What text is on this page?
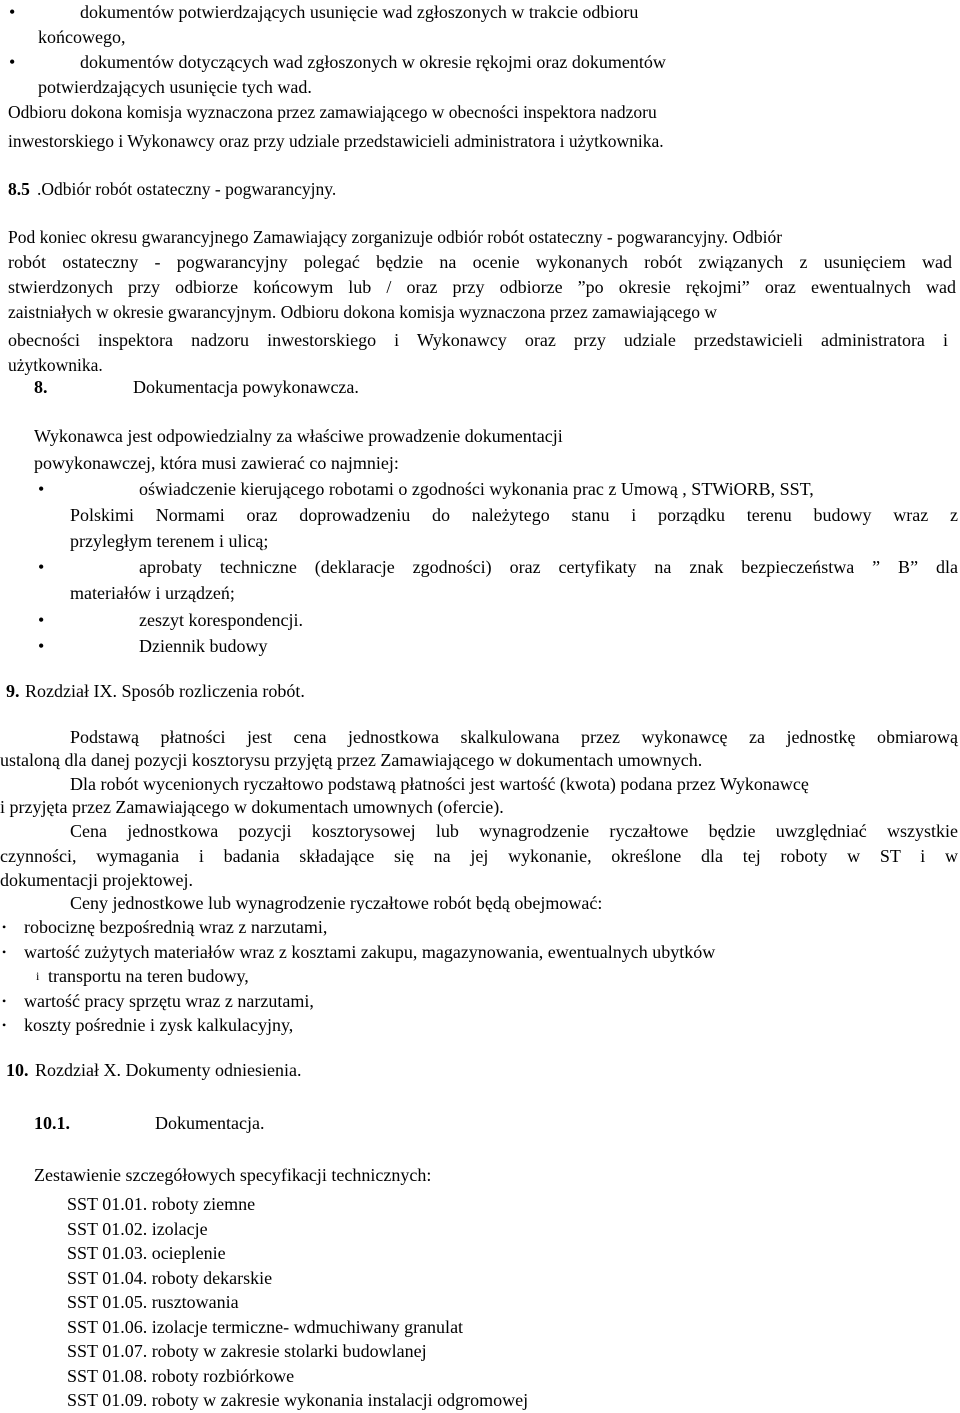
•	dokumentów potwierdzających usunięcie wad zgłoszonych w trakcie odbioru
końcowego,
•	dokumentów dotyczących wad zgłoszonych w okresie rękojmi oraz dokumentów
potwierdzających usunięcie tych wad.
Odbioru dokona komisja wyznaczona przez zamawiającego w obecności inspektora nadzoru
inwestorskiego i Wykonawcy oraz przy udziale przedstawicieli administratora i użytkownika.
8.5 .Odbiór robót ostateczny - pogwarancyjny.
Pod koniec okresu gwarancyjnego Zamawiający zorganizuje odbiór robót ostateczny - pogwarancyjny. Odbiór
robót ostateczny - pogwarancyjny polegać będzie na ocenie wykonanych robót związanych z usunięciem wad
stwierdzonych przy odbiorze końcowym lub / oraz przy odbiorze ”po okresie rękojmi” oraz ewentualnych wad
zaistniałych w okresie gwarancyjnym. Odbioru dokona komisja wyznaczona przez zamawiającego w
obecności inspektora nadzoru inwestorskiego i Wykonawcy oraz przy udziale przedstawicieli administratora i
użytkownika.
8.	Dokumentacja powykonawcza.
Wykonawca jest odpowiedzialny za właściwe prowadzenie dokumentacji
powykonawczej, która musi zawierać co najmniej:
•	oświadczenie kierującego robotami o zgodności wykonania prac z Umową , STWiORB, SST,
Polskimi Normami oraz doprowadzeniu do należytego stanu i porządku terenu budowy wraz z
przyległym terenem i ulicą;
•	aprobaty techniczne (deklaracje zgodności) oraz certyfikaty na znak bezpieczeństwa ” B” dla
materiałów i urządzeń;
•	zeszyt korespondencji.
•	Dziennik budowy
9. Rozdział IX. Sposób rozliczenia robót.
Podstawą płatności jest cena jednostkowa skalkulowana przez wykonawcę za jednostkę obmiarową
ustaloną dla danej pozycji kosztorysu przyjętą przez Zamawiającego w dokumentach umownych.
Dla robót wycenionych ryczałtowo podstawą płatności jest wartość (kwota) podana przez Wykonawcę
i przyjęta przez Zamawiającego w dokumentach umownych (ofercie).
Cena jednostkowa pozycji kosztorysowej lub wynagrodzenie ryczałtowe będzie uwzględniać wszystkie
czynności, wymagania i badania składające się na jej wykonanie, określone dla tej roboty w ST i w
dokumentacji projektowej.
Ceny jednostkowe lub wynagrodzenie ryczałtowe robót będą obejmować:
• robociznę bezpośrednią wraz z narzutami,
• wartość zużytych materiałów wraz z kosztami zakupu, magazynowania, ewentualnych ubytków
i transportu na teren budowy,
• wartość pracy sprzętu wraz z narzutami,
• koszty pośrednie i zysk kalkulacyjny,
10. Rozdział X. Dokumenty odniesienia.
10.1.	Dokumentacja.
Zestawienie szczegółowych specyfikacji technicznych:
SST 01.01. roboty ziemne
SST 01.02. izolacje
SST 01.03. ocieplenie
SST 01.04. roboty dekarskie
SST 01.05. rusztowania
SST 01.06. izolacje termiczne- wdmuchiwany granulat
SST 01.07. roboty w zakresie stolarki budowlanej
SST 01.08. roboty rozbiórkowe
SST 01.09. roboty w zakresie wykonania instalacji odgromowej
